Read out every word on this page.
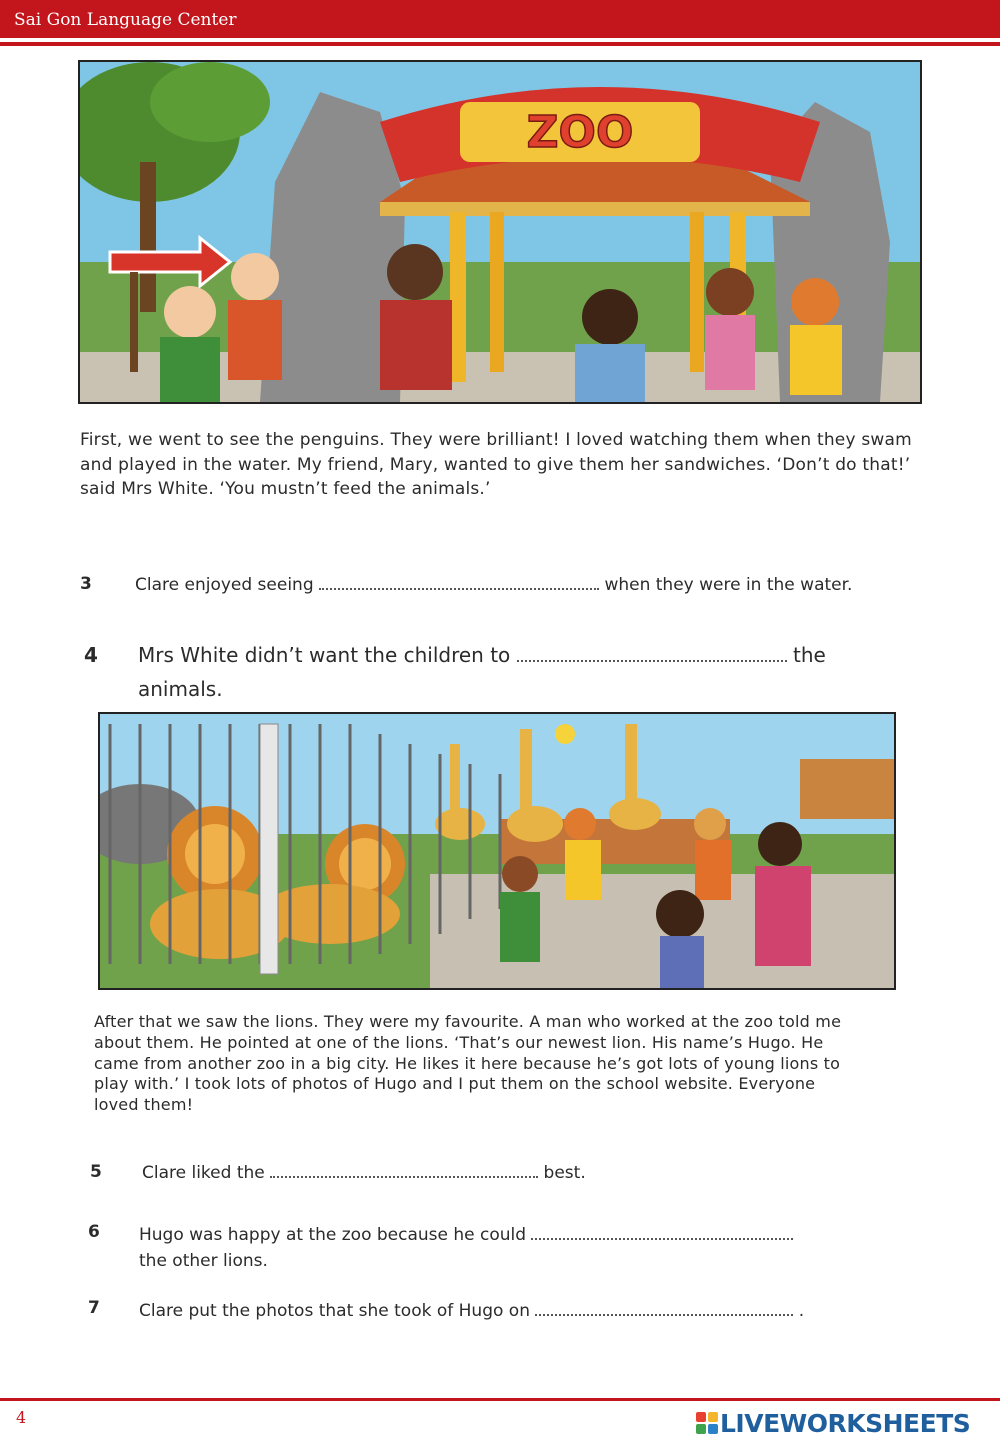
Sai Gon Language Center
ZOO
First, we went to see the penguins. They were brilliant! I loved watching them when they swam and played in the water. My friend, Mary, wanted to give them her sandwiches. ‘Don’t do that!’ said Mrs White. ‘You mustn’t feed the animals.’
3	Clare enjoyed seeing	when they were in the water.
4 Mrs White didn’t want the children to	the animals.
After that we saw the lions. They were my favourite. A man who worked at the zoo told me about them. He pointed at one of the lions. ‘That’s our newest lion. His name’s Hugo. He came from another zoo in a big city. He likes it here because he’s got lots of young lions to play with.’ I took lots of photos of Hugo and I put them on the school website. Everyone loved them!
5 Clare liked the	best.
6 Hugo was happy at the zoo because he could
the other lions.
7 Clare put the photos that she took of Hugo on	.
4	LIVEWORKSHEETS
